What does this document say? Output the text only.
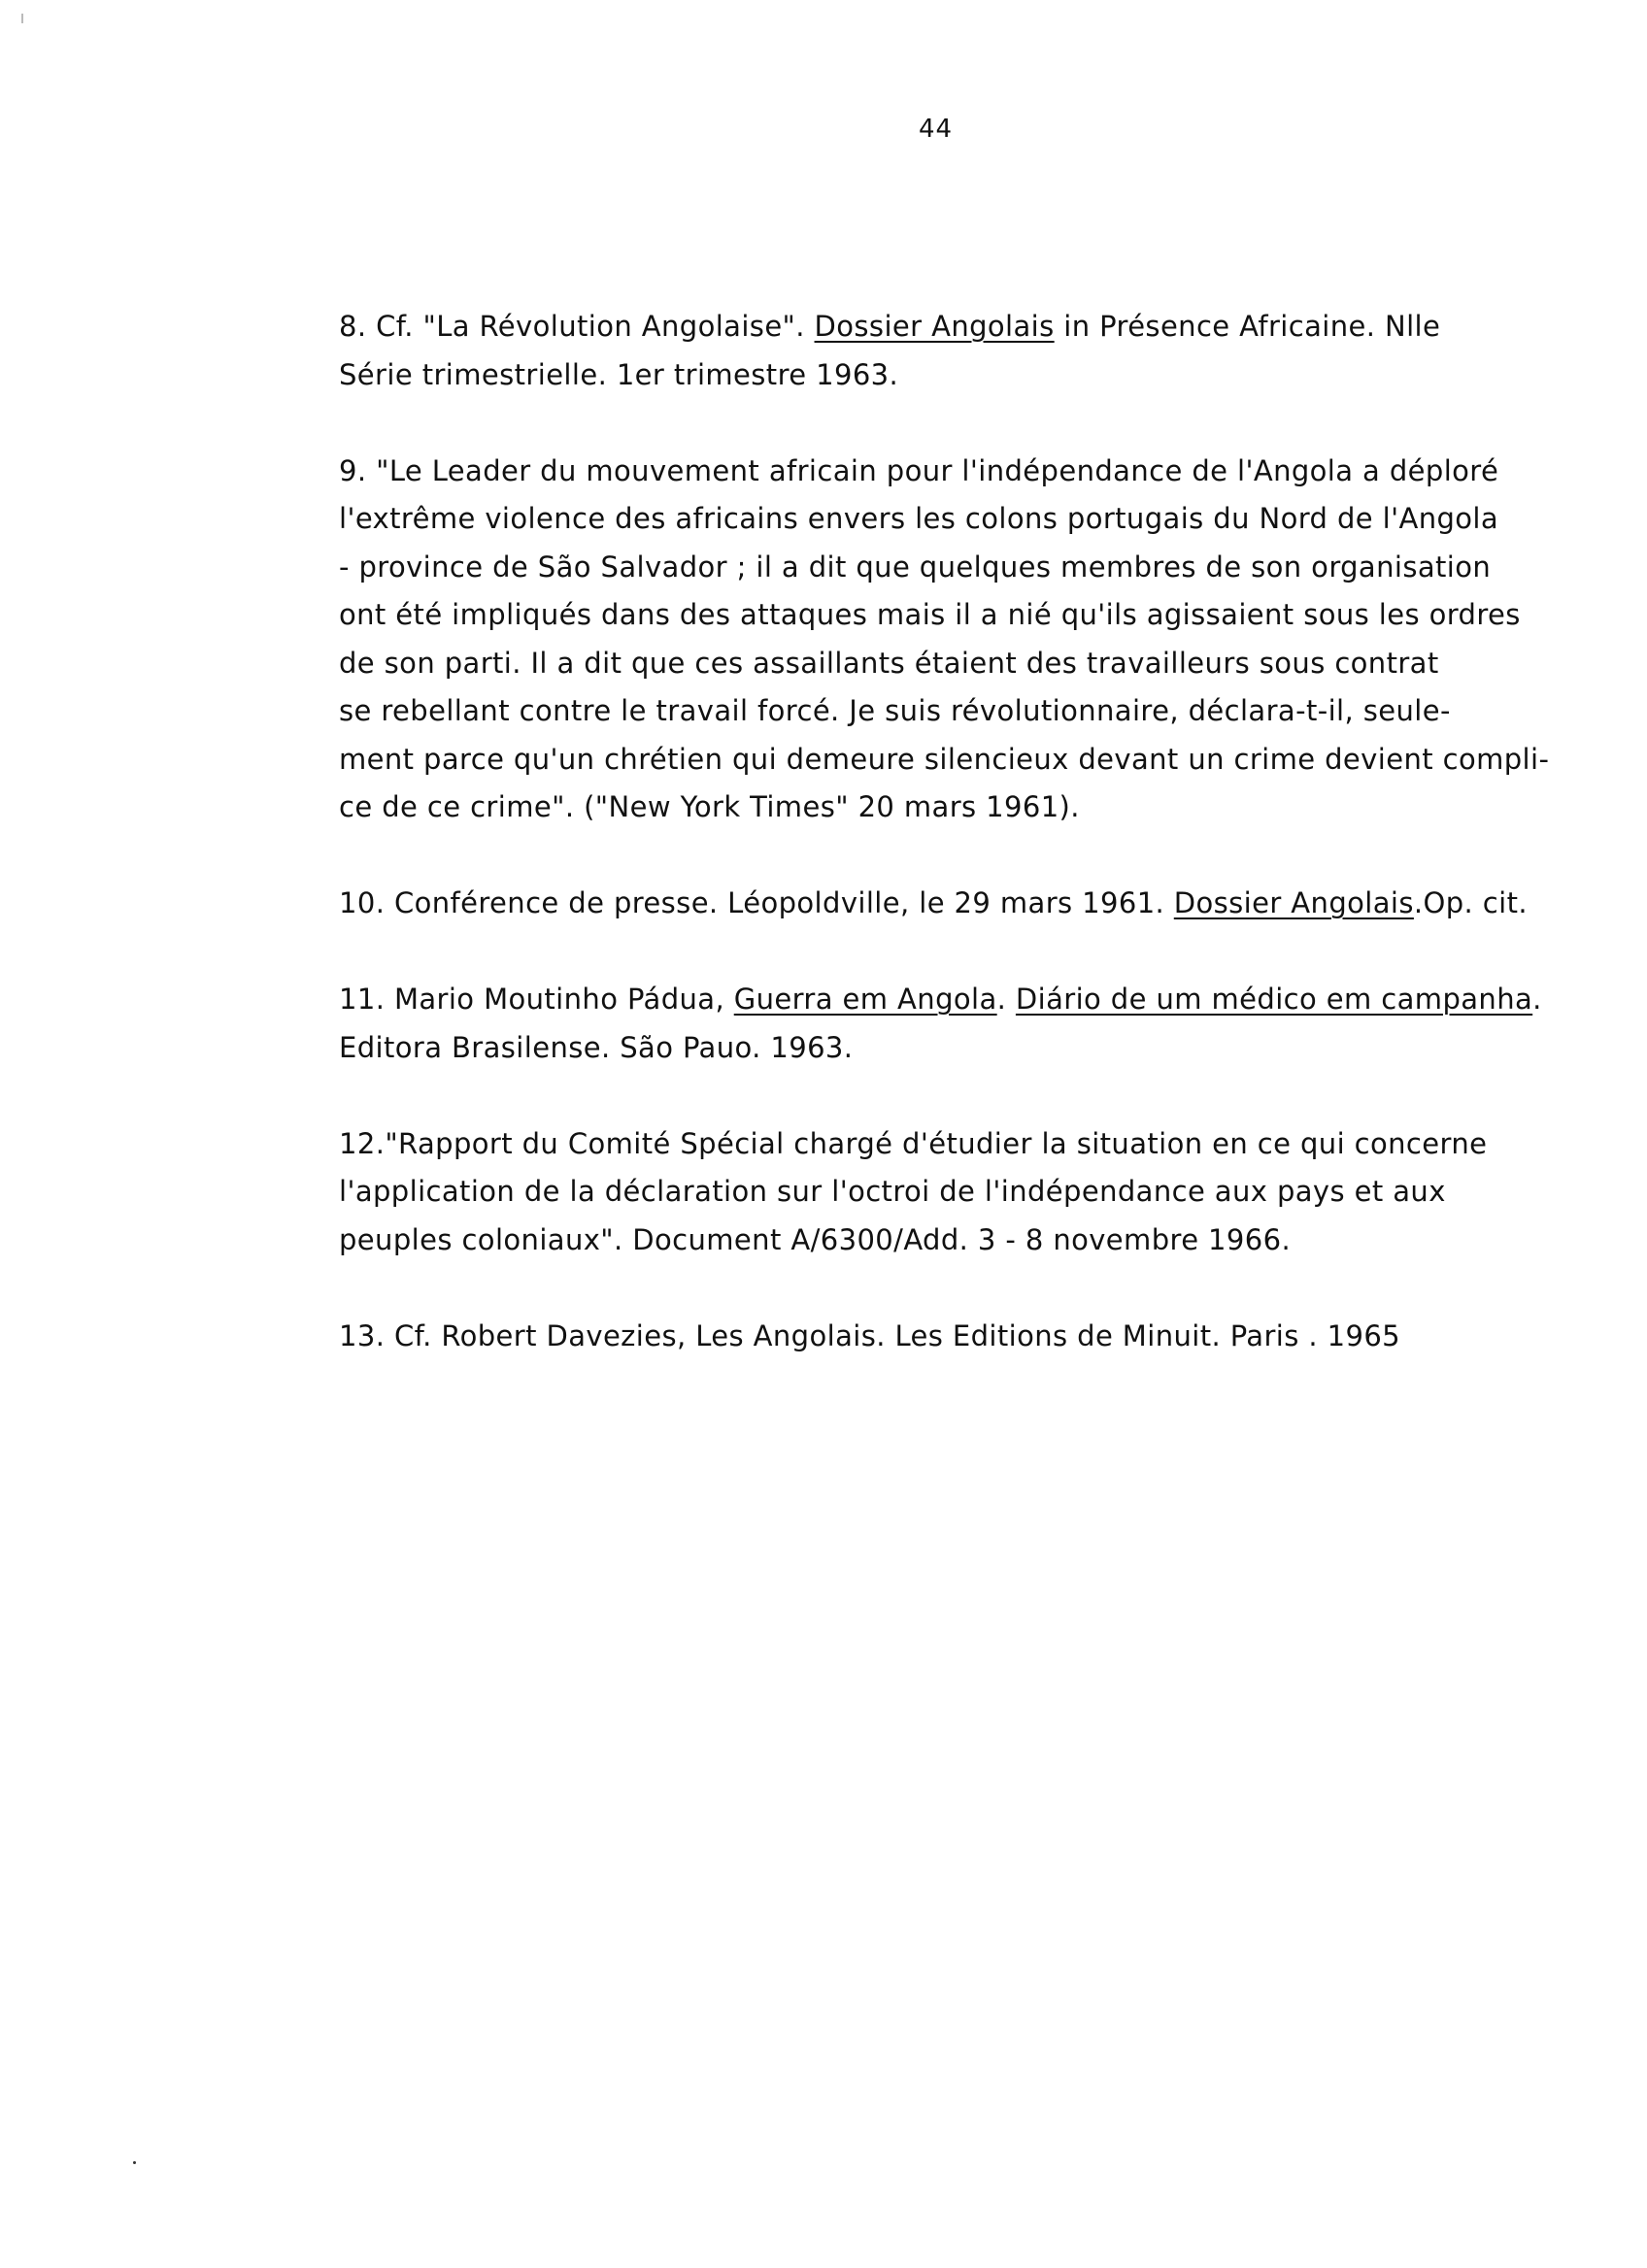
44
8. Cf. "La Révolution Angolaise". Dossier Angolais in Présence Africaine. Nlle
Série trimestrielle. 1er trimestre 1963.
9. "Le Leader du mouvement africain pour l'indépendance de l'Angola a déploré
l'extrême violence des africains envers les colons portugais du Nord de l'Angola
- province de São Salvador ; il a dit que quelques membres de son organisation
ont été impliqués dans des attaques mais il a nié qu'ils agissaient sous les ordres
de son parti. Il a dit que ces assaillants étaient des travailleurs sous contrat
se rebellant contre le travail forcé. Je suis révolutionnaire, déclara-t-il, seule-
ment parce qu'un chrétien qui demeure silencieux devant un crime devient compli-
ce de ce crime". ("New York Times" 20 mars 1961).
10. Conférence de presse. Léopoldville, le 29 mars 1961. Dossier Angolais.Op. cit.
11. Mario Moutinho Pádua, Guerra em Angola. Diário de um médico em campanha.
Editora Brasilense. São Pauo. 1963.
12."Rapport du Comité Spécial chargé d'étudier la situation en ce qui concerne
l'application de la déclaration sur l'octroi de l'indépendance aux pays et aux
peuples coloniaux". Document A/6300/Add. 3 - 8 novembre 1966.
13. Cf. Robert Davezies, Les Angolais. Les Editions de Minuit. Paris . 1965
